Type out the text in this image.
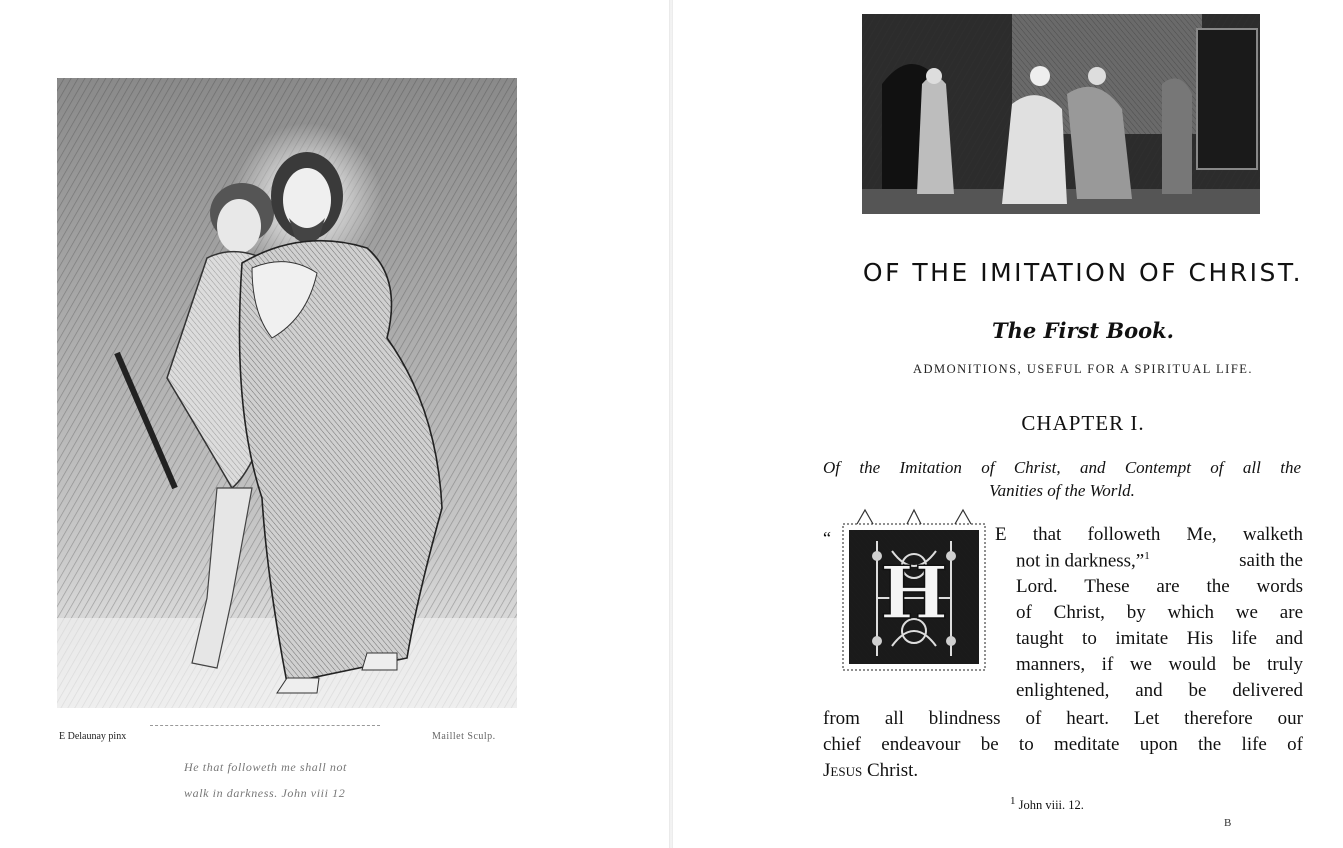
E Delaunay pinx	Maillet Sculp.
He that followeth me shall not
walk in darkness. John viii 12
OF THE IMITATION OF CHRIST.
The First Book.
ADMONITIONS, USEFUL FOR A SPIRITUAL LIFE.
CHAPTER I.
Of the Imitation of Christ, and Contempt of all the
Vanities of the World.
“
H
E that followeth Me, walketh
not in darkness,”$^1$	saith the
Lord. These are the words
of Christ, by which we are
taught to imitate His life and
manners, if we would be truly
enlightened, and be delivered
from all blindness of heart. Let therefore our
chief endeavour be to meditate upon the life of
Jesus Christ.
$^1$ John viii. 12.
B
